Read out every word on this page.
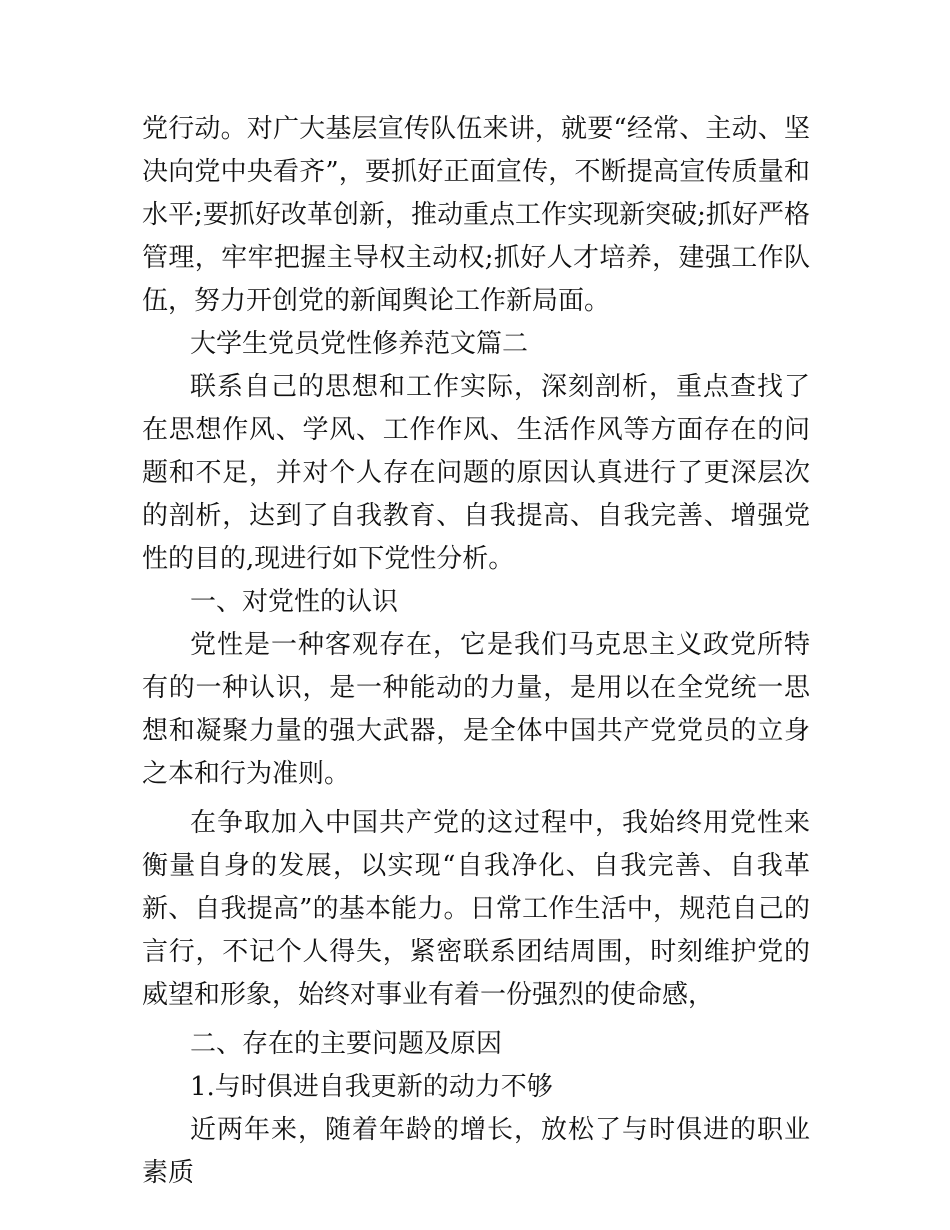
党行动。对广大基层宣传队伍来讲，就要“经常、主动、坚决向党中央看齐”，要抓好正面宣传，不断提高宣传质量和水平;要抓好改革创新，推动重点工作实现新突破;抓好严格管理，牢牢把握主导权主动权;抓好人才培养，建强工作队伍，努力开创党的新闻舆论工作新局面。

大学生党员党性修养范文篇二

联系自己的思想和工作实际，深刻剖析，重点查找了在思想作风、学风、工作作风、生活作风等方面存在的问题和不足，并对个人存在问题的原因认真进行了更深层次的剖析，达到了自我教育、自我提高、自我完善、增强党性的目的,现进行如下党性分析。

一、对党性的认识

党性是一种客观存在，它是我们马克思主义政党所特有的一种认识，是一种能动的力量，是用以在全党统一思想和凝聚力量的强大武器，是全体中国共产党党员的立身之本和行为准则。

在争取加入中国共产党的这过程中，我始终用党性来衡量自身的发展，以实现“自我净化、自我完善、自我革新、自我提高”的基本能力。日常工作生活中，规范自己的言行，不记个人得失，紧密联系团结周围，时刻维护党的威望和形象，始终对事业有着一份强烈的使命感，

二、存在的主要问题及原因

1.与时俱进自我更新的动力不够

近两年来，随着年龄的增长，放松了与时俱进的职业素质
